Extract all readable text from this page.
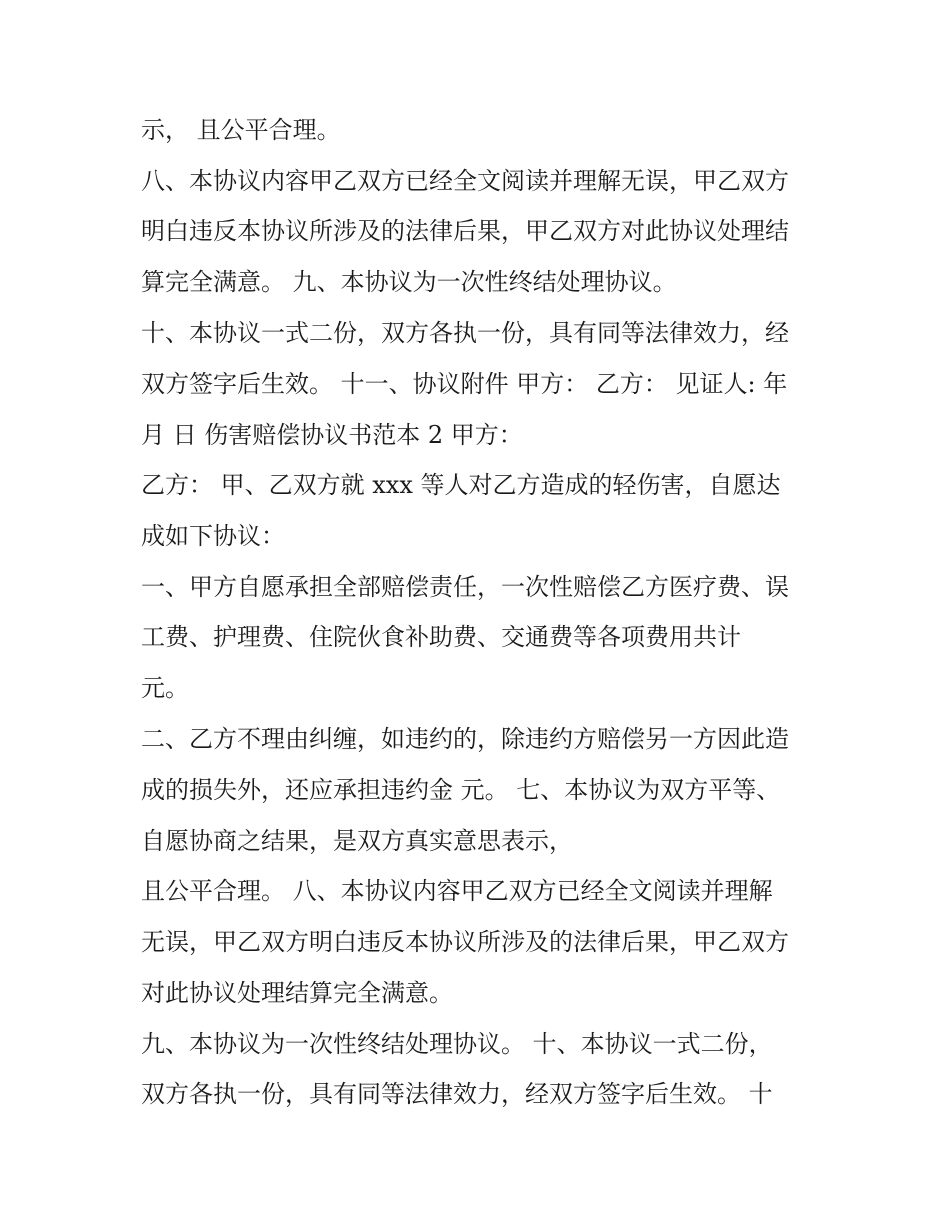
示， 且公平合理。

八、本协议内容甲乙双方已经全文阅读并理解无误，甲乙双方

明白违反本协议所涉及的法律后果，甲乙双方对此协议处理结

算完全满意。 九、本协议为一次性终结处理协议。

十、本协议一式二份，双方各执一份，具有同等法律效力，经

双方签字后生效。 十一、协议附件 甲方： 乙方： 见证人: 年

月 日 伤害赔偿协议书范本 2 甲方：

乙方： 甲、乙双方就 xxx 等人对乙方造成的轻伤害，自愿达

成如下协议：

一、甲方自愿承担全部赔偿责任，一次性赔偿乙方医疗费、误

工费、护理费、住院伙食补助费、交通费等各项费用共计

元。

二、乙方不理由纠缠，如违约的，除违约方赔偿另一方因此造

成的损失外，还应承担违约金 元。 七、本协议为双方平等、

自愿协商之结果，是双方真实意思表示，

且公平合理。 八、本协议内容甲乙双方已经全文阅读并理解

无误，甲乙双方明白违反本协议所涉及的法律后果，甲乙双方

对此协议处理结算完全满意。

九、本协议为一次性终结处理协议。 十、本协议一式二份，

双方各执一份，具有同等法律效力，经双方签字后生效。 十
